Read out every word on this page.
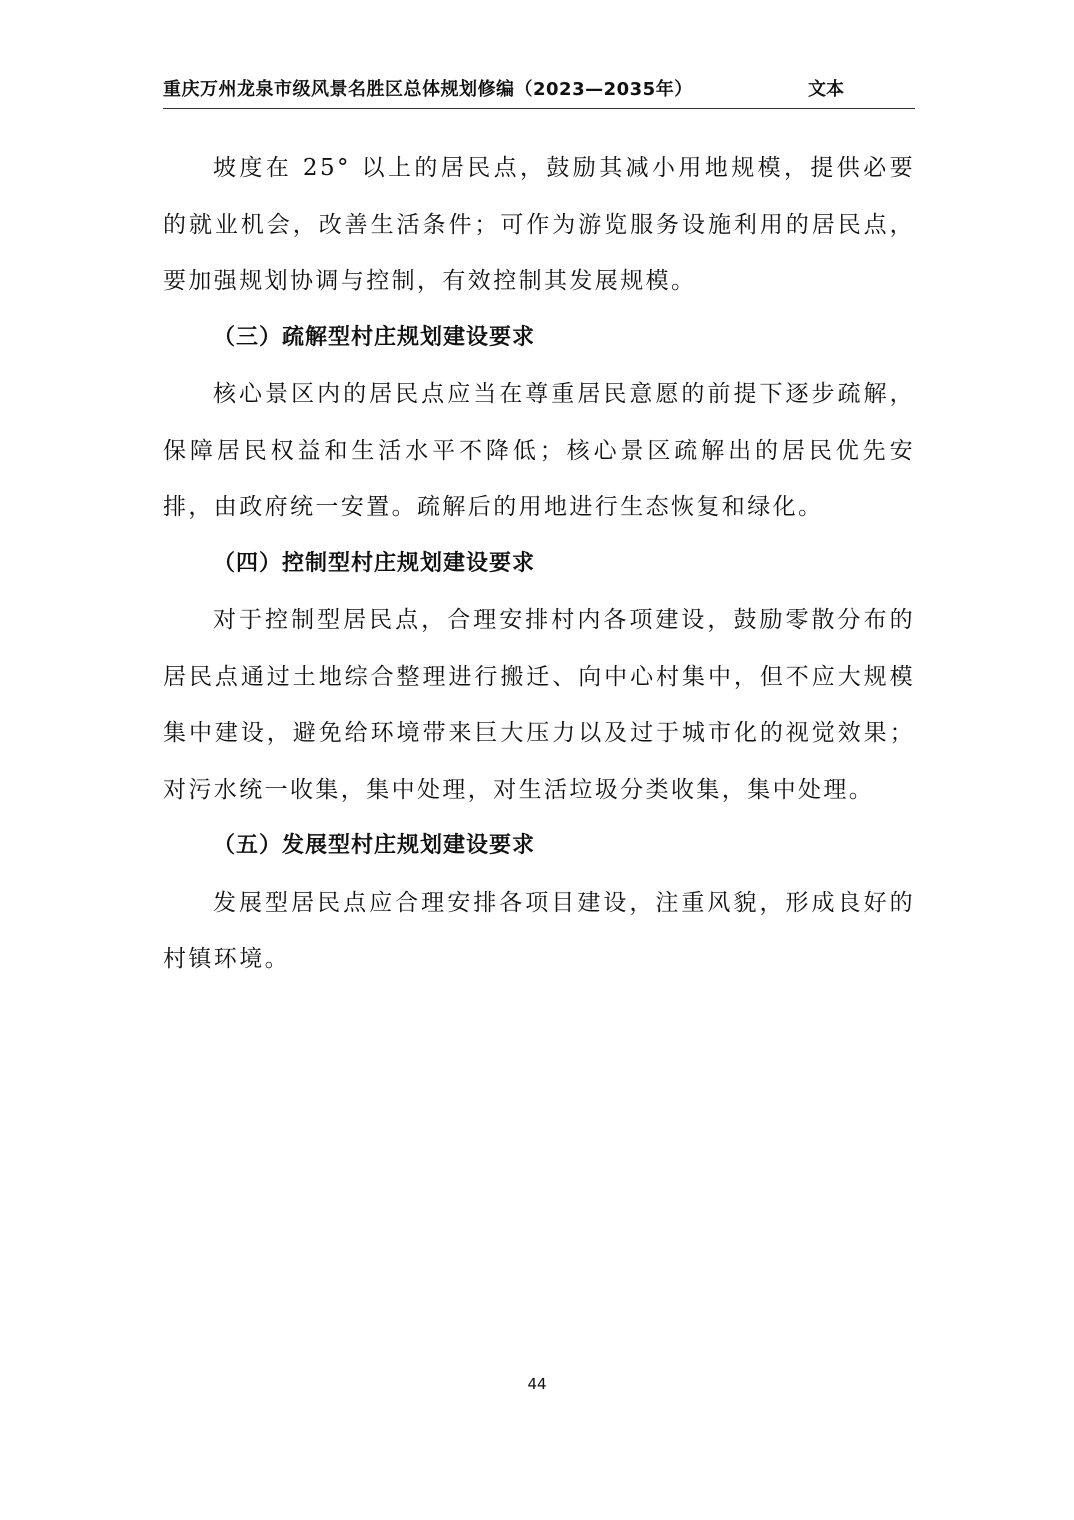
重庆万州龙泉市级风景名胜区总体规划修编（2023—2035年）	文本

坡度在 25° 以上的居民点，鼓励其减小用地规模，提供必要的就业机会，改善生活条件；可作为游览服务设施利用的居民点，要加强规划协调与控制，有效控制其发展规模。

（三）疏解型村庄规划建设要求

核心景区内的居民点应当在尊重居民意愿的前提下逐步疏解，保障居民权益和生活水平不降低；核心景区疏解出的居民优先安排，由政府统一安置。疏解后的用地进行生态恢复和绿化。

（四）控制型村庄规划建设要求

对于控制型居民点，合理安排村内各项建设，鼓励零散分布的居民点通过土地综合整理进行搬迁、向中心村集中，但不应大规模集中建设，避免给环境带来巨大压力以及过于城市化的视觉效果；对污水统一收集，集中处理，对生活垃圾分类收集，集中处理。

（五）发展型村庄规划建设要求

发展型居民点应合理安排各项目建设，注重风貌，形成良好的村镇环境。

44
